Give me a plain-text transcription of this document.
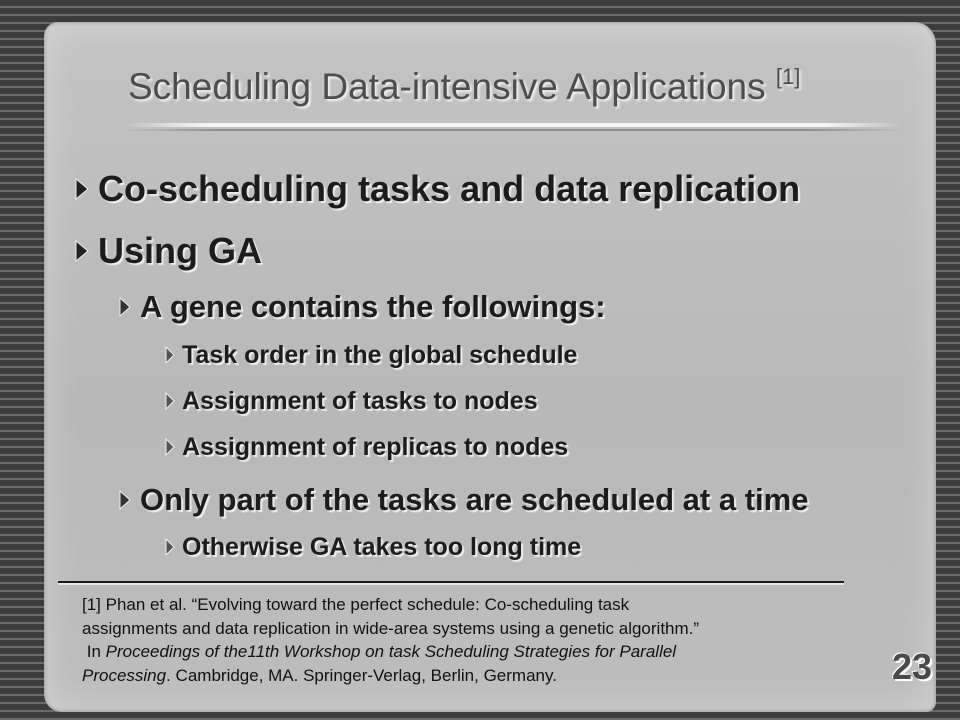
Scheduling Data-intensive Applications [1]
Co-scheduling tasks and data replication
Using GA
A gene contains the followings:
Task order in the global schedule
Assignment of tasks to nodes
Assignment of replicas to nodes
Only part of the tasks are scheduled at a time
Otherwise GA takes too long time
[1] Phan et al. “Evolving toward the perfect schedule: Co-scheduling task
assignments and data replication in wide-area systems using a genetic algorithm.”
In Proceedings of the11th Workshop on task Scheduling Strategies for Parallel
Processing. Cambridge, MA. Springer-Verlag, Berlin, Germany.	23
